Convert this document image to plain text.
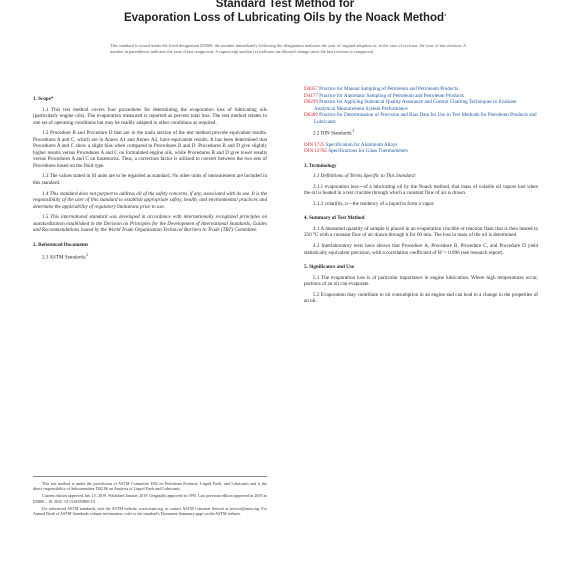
Standard Test Method for
Evaporation Loss of Lubricating Oils by the Noack Method$^1$
This standard is issued under the fixed designation D5800; the number immediately following the designation indicates the year of original adoption or, in the case of revision, the year of last revision. A number in parentheses indicates the year of last reapproval. A superscript epsilon (ε) indicates an editorial change since the last revision or reapproval.
1. Scope*

1.1 This test method covers four procedures for determining the evaporation loss of lubricating oils (particularly engine oils). The evaporation measured is reported as percent total loss. The test method relates to one set of operating conditions but may be readily adapted to other conditions as required.

1.2 Procedure B and Procedure D that are in the main section of the test method provide equivalent results. Procedures A and C, which are in Annex A1 and Annex A2, have equivalent results. It has been determined that Procedures A and C show a slight bias when compared to Procedures B and D. Procedures B and D give slightly higher results versus Procedures A and C on formulated engine oils, while Procedures B and D give lower results versus Procedures A and C on basestocks. Thus, a correction factor is utilized to convert between the two sets of Procedures based on the fluid type.

1.3 The values stated in SI units are to be regarded as standard. No other units of measurement are included in this standard.

1.4 This standard does not purport to address all of the safety concerns, if any, associated with its use. It is the responsibility of the user of this standard to establish appropriate safety, health, and environmental practices and determine the applicability of regulatory limitations prior to use.

1.5 This international standard was developed in accordance with internationally recognized principles on standardization established in the Decision on Principles for the Development of International Standards, Guides and Recommendations issued by the World Trade Organization Technical Barriers to Trade (TBT) Committee.

2. Referenced Documents

2.1 ASTM Standards:$^2$

D4057 Practice for Manual Sampling of Petroleum and Petroleum Products
D4177 Practice for Automatic Sampling of Petroleum and Petroleum Products
D6299 Practice for Applying Statistical Quality Assurance and Control Charting Techniques to Evaluate Analytical Measurement System Performance
D6300 Practice for Determination of Precision and Bias Data for Use in Test Methods for Petroleum Products and Lubricants

2.2 DIN Standards:$^3$

DIN 1725 Specification for Aluminum Alloys
DIN 12785 Specifications for Glass Thermometers
3. Terminology

3.1 Definitions of Terms Specific to This Standard:

3.1.1 evaporation loss—of a lubricating oil by the Noack method, that mass of volatile oil vapors lost when the oil is heated in a test crucible through which a constant flow of air is drawn.

3.1.2 volatility, n—the tendency of a liquid to form a vapor.

4. Summary of Test Method

4.1 A measured quantity of sample is placed in an evaporation crucible or reaction flask that is then heated to 250 °C with a constant flow of air drawn through it for 60 min. The loss in mass of the oil is determined.

4.2 Interlaboratory tests have shown that Procedure A, Procedure B, Procedure C, and Procedure D yield statistically equivalent precision, with a correlation coefficient of R² = 0.996 (see research report).

5. Significance and Use

5.1 The evaporation loss is of particular importance in engine lubrication. Where high temperatures occur, portions of an oil can evaporate.

5.2 Evaporation may contribute to oil consumption in an engine and can lead to a change in the properties of an oil.

This test method is under the jurisdiction of ASTM Committee D02 on Petroleum Products, Liquid Fuels, and Lubricants and is the direct responsibility of Subcommittee D02.06 on Analysis of Liquid Fuels and Lubricants.

Current edition approved Jan. 15, 2019. Published January 2019. Originally approved in 1995. Last previous edition approved in 2018 as D5800 – 18. DOI: 10.1520/D5800-19.

For referenced ASTM standards, visit the ASTM website, www.astm.org, or contact ASTM Customer Service at service@astm.org. For Annual Book of ASTM Standards volume information, refer to the standard's Document Summary page on the ASTM website.
